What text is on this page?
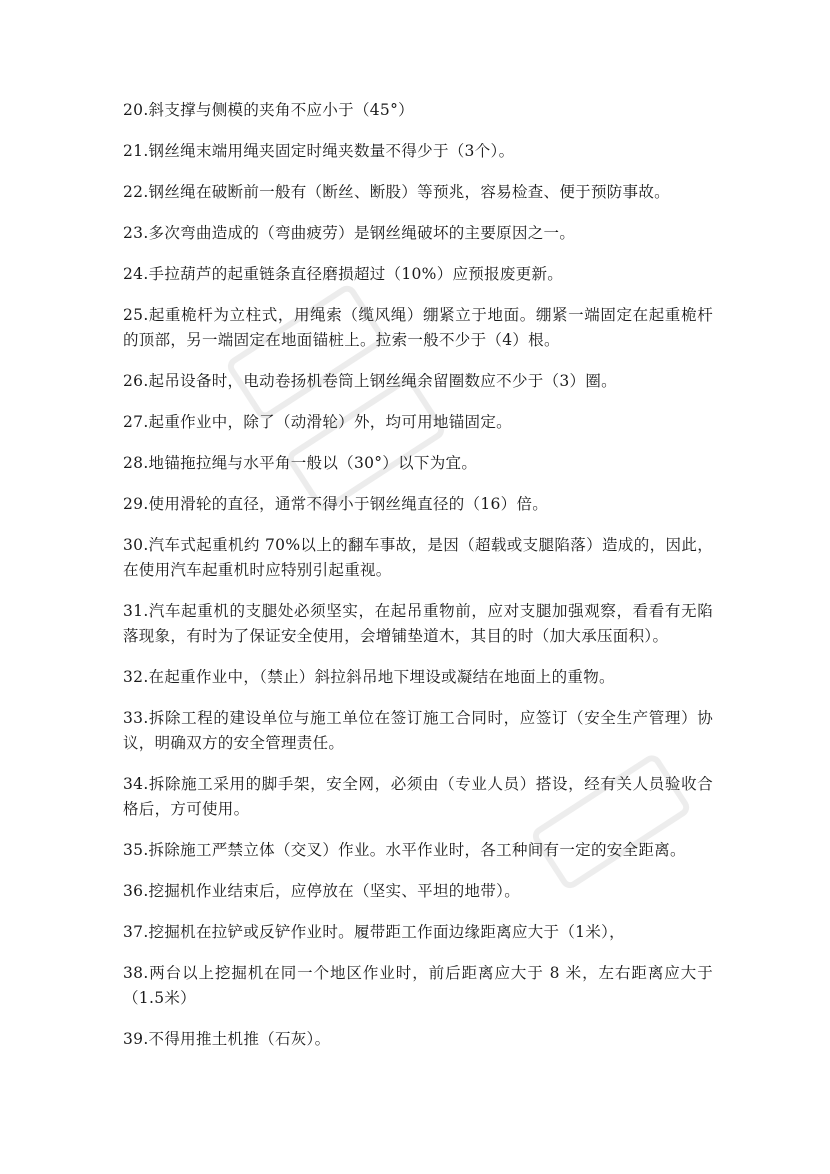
20.斜支撑与侧模的夹角不应小于（45°）

21.钢丝绳末端用绳夹固定时绳夹数量不得少于（3个）。

22.钢丝绳在破断前一般有（断丝、断股）等预兆，容易检查、便于预防事故。

23.多次弯曲造成的（弯曲疲劳）是钢丝绳破坏的主要原因之一。

24.手拉葫芦的起重链条直径磨损超过（10%）应预报废更新。

25.起重桅杆为立柱式，用绳索（缆风绳）绷紧立于地面。绷紧一端固定在起重桅杆的顶部，另一端固定在地面锚桩上。拉索一般不少于（4）根。

26.起吊设备时，电动卷扬机卷筒上钢丝绳余留圈数应不少于（3）圈。

27.起重作业中，除了（动滑轮）外，均可用地锚固定。

28.地锚拖拉绳与水平角一般以（30°）以下为宜。

29.使用滑轮的直径，通常不得小于钢丝绳直径的（16）倍。

30.汽车式起重机约 70%以上的翻车事故，是因（超载或支腿陷落）造成的，因此，在使用汽车起重机时应特别引起重视。

31.汽车起重机的支腿处必须坚实，在起吊重物前，应对支腿加强观察，看看有无陷落现象，有时为了保证安全使用，会增铺垫道木，其目的时（加大承压面积）。

32.在起重作业中，（禁止）斜拉斜吊地下埋设或凝结在地面上的重物。

33.拆除工程的建设单位与施工单位在签订施工合同时，应签订（安全生产管理）协议，明确双方的安全管理责任。

34.拆除施工采用的脚手架，安全网，必须由（专业人员）搭设，经有关人员验收合格后，方可使用。

35.拆除施工严禁立体（交叉）作业。水平作业时，各工种间有一定的安全距离。

36.挖掘机作业结束后，应停放在（坚实、平坦的地带）。

37.挖掘机在拉铲或反铲作业时。履带距工作面边缘距离应大于（1米），

38.两台以上挖掘机在同一个地区作业时，前后距离应大于 8 米，左右距离应大于（1.5米）

39.不得用推土机推（石灰）。
